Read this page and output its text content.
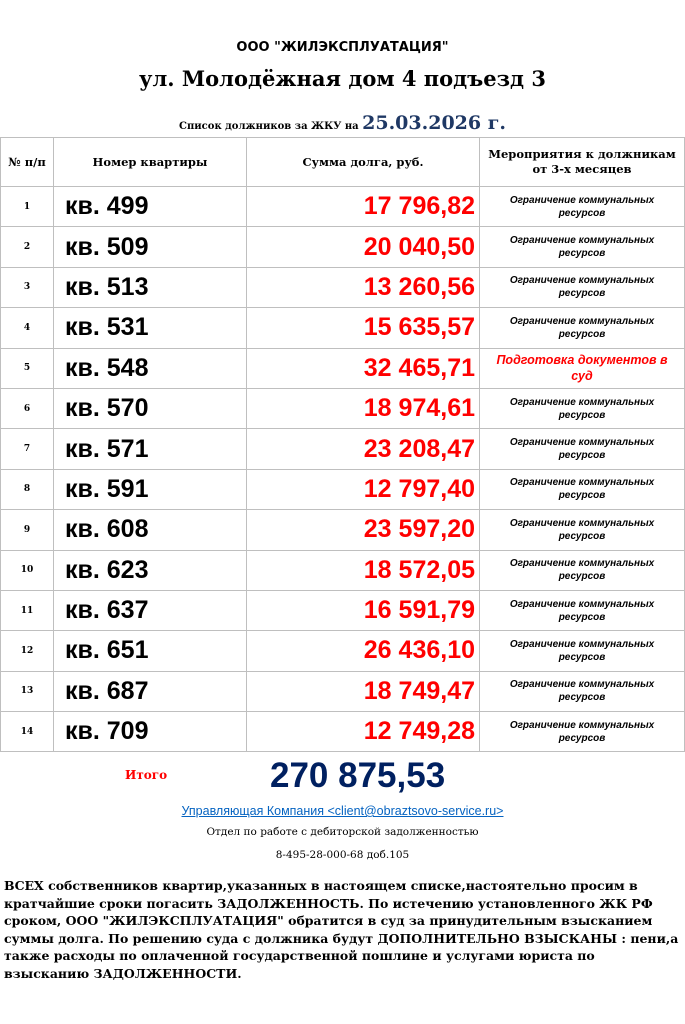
ООО "ЖИЛЭКСПЛУАТАЦИЯ"
ул. Молодёжная дом 4 подъезд 3
Список должников за ЖКУ на 25.03.2026 г.
№ п/п	Номер квартиры	Сумма долга, руб.	Мероприятия к должникам от 3-х месяцев
1	кв. 499	17 796,82	Ограничение коммунальных ресурсов
2	кв. 509	20 040,50	Ограничение коммунальных ресурсов
3	кв. 513	13 260,56	Ограничение коммунальных ресурсов
4	кв. 531	15 635,57	Ограничение коммунальных ресурсов
5	кв. 548	32 465,71	Подготовка документов в суд
6	кв. 570	18 974,61	Ограничение коммунальных ресурсов
7	кв. 571	23 208,47	Ограничение коммунальных ресурсов
8	кв. 591	12 797,40	Ограничение коммунальных ресурсов
9	кв. 608	23 597,20	Ограничение коммунальных ресурсов
10	кв. 623	18 572,05	Ограничение коммунальных ресурсов
11	кв. 637	16 591,79	Ограничение коммунальных ресурсов
12	кв. 651	26 436,10	Ограничение коммунальных ресурсов
13	кв. 687	18 749,47	Ограничение коммунальных ресурсов
14	кв. 709	12 749,28	Ограничение коммунальных ресурсов
Итого	270 875,53
Управляющая Компания <client@obraztsovo-service.ru>
Отдел по работе с дебиторской задолженностью
8-495-28-000-68 доб.105
ВСЕХ собственников квартир,указанных в настоящем списке,настоятельно просим в кратчайшие сроки погасить ЗАДОЛЖЕННОСТЬ. По истечению установленного ЖК РФ сроком, ООО "ЖИЛЭКСПЛУАТАЦИЯ" обратится в суд за принудительным взысканием суммы долга. По решению суда с должника будут ДОПОЛНИТЕЛЬНО ВЗЫСКАНЫ : пени,а также расходы по оплаченной государственной пошлине и услугами юриста по взысканию ЗАДОЛЖЕННОСТИ.
